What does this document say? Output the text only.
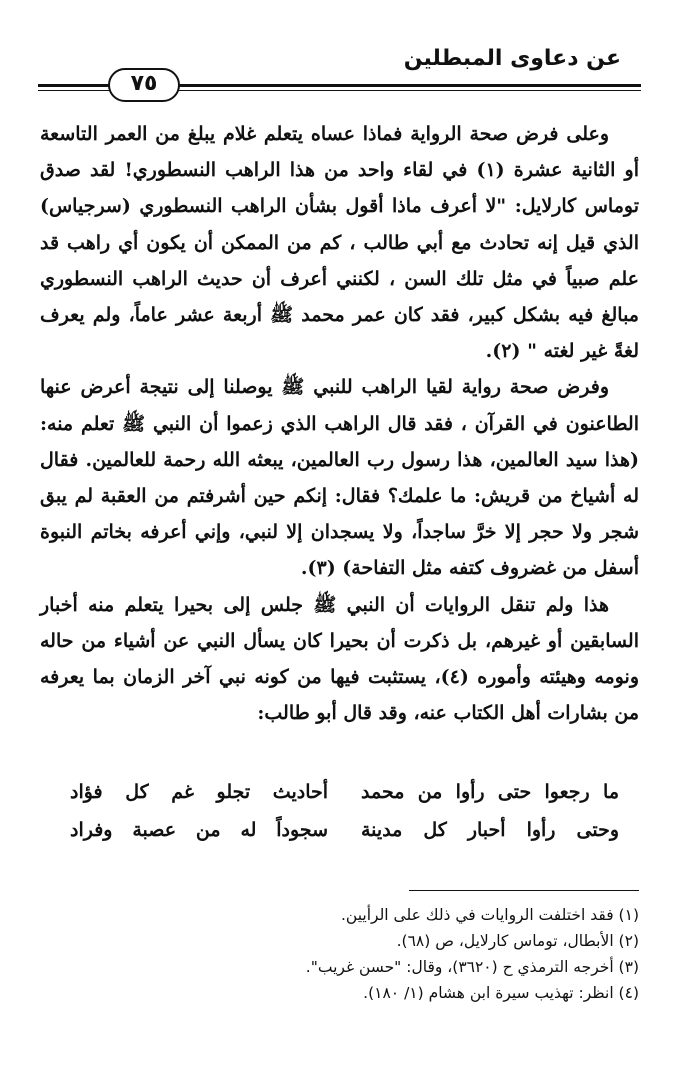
عن دعاوى المبطلين
٧٥

وعلى فرض صحة الرواية فماذا عساه يتعلم غلام يبلغ من العمر التاسعة أو الثانية عشرة (١) في لقاء واحد من هذا الراهب النسطوري! لقد صدق توماس كارلايل: "لا أعرف ماذا أقول بشأن الراهب النسطوري (سرجياس) الذي قيل إنه تحادث مع أبي طالب ، كم من الممكن أن يكون أي راهب قد علم صبياً في مثل تلك السن ، لكنني أعرف أن حديث الراهب النسطوري مبالغ فيه بشكل كبير، فقد كان عمر محمد ﷺ أربعة عشر عاماً، ولم يعرف لغةً غير لغته " (٢).

وفرض صحة رواية لقيا الراهب للنبي ﷺ يوصلنا إلى نتيجة أعرض عنها الطاعنون في القرآن ، فقد قال الراهب الذي زعموا أن النبي ﷺ تعلم منه: (هذا سيد العالمين، هذا رسول رب العالمين، يبعثه الله رحمة للعالمين. فقال له أشياخ من قريش: ما علمك؟ فقال: إنكم حين أشرفتم من العقبة لم يبق شجر ولا حجر إلا خرَّ ساجداً، ولا يسجدان إلا لنبي، وإني أعرفه بخاتم النبوة أسفل من غضروف كتفه مثل التفاحة) (٣).

هذا ولم تنقل الروايات أن النبي ﷺ جلس إلى بحيرا يتعلم منه أخبار السابقين أو غيرهم، بل ذكرت أن بحيرا كان يسأل النبي عن أشياء من حاله ونومه وهيئته وأموره (٤)، يستثبت فيها من كونه نبي آخر الزمان بما يعرفه من بشارات أهل الكتاب عنه، وقد قال أبو طالب:

ما رجعوا حتى رأوا من محمد
أحاديث تجلو غم كل فؤاد
وحتى رأوا أحبار كل مدينة
سجوداً له من عصبة وفراد

(١) فقد اختلفت الروايات في ذلك على الرأيين.

(٢) الأبطال، توماس كارلايل، ص (٦٨).

(٣) أخرجه الترمذي ح (٣٦٢٠)، وقال: "حسن غريب".

(٤) انظر: تهذيب سيرة ابن هشام (١/ ١٨٠).
